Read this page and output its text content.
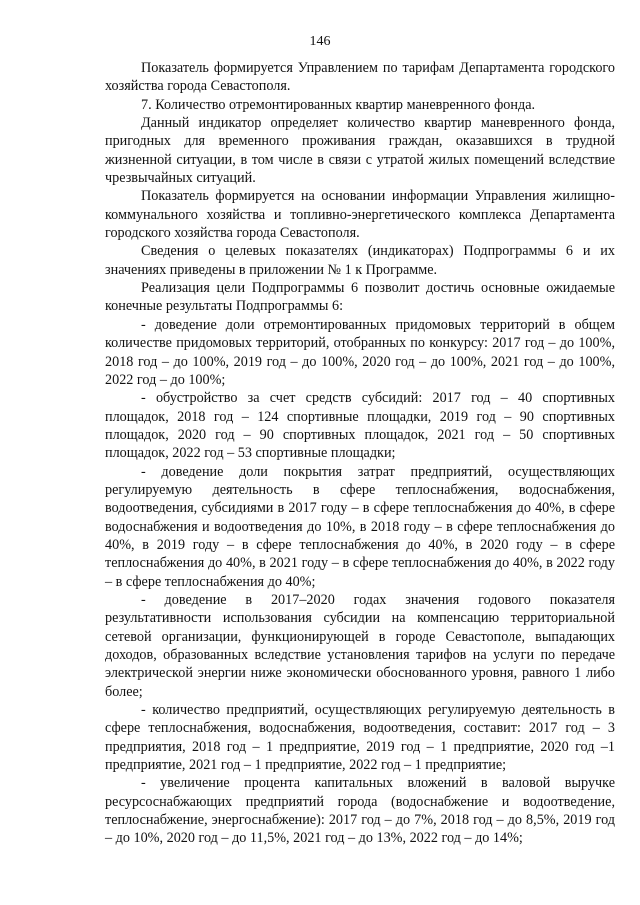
146

Показатель формируется Управлением по тарифам Департамента городского хозяйства города Севастополя.

7. Количество отремонтированных квартир маневренного фонда.

Данный индикатор определяет количество квартир маневренного фонда, пригодных для временного проживания граждан, оказавшихся в трудной жизненной ситуации, в том числе в связи с утратой жилых помещений вследствие чрезвычайных ситуаций.

Показатель формируется на основании информации Управления жилищно-коммунального хозяйства и топливно-энергетического комплекса Департамента городского хозяйства города Севастополя.

Сведения о целевых показателях (индикаторах) Подпрограммы 6 и их значениях приведены в приложении № 1 к Программе.

Реализация цели Подпрограммы 6 позволит достичь основные ожидаемые конечные результаты Подпрограммы 6:

- доведение доли отремонтированных придомовых территорий в общем количестве придомовых территорий, отобранных по конкурсу: 2017 год – до 100%, 2018 год – до 100%, 2019 год – до 100%, 2020 год – до 100%, 2021 год – до 100%, 2022 год – до 100%;

- обустройство за счет средств субсидий: 2017 год – 40 спортивных площадок, 2018 год – 124 спортивные площадки, 2019 год – 90 спортивных площадок, 2020 год – 90 спортивных площадок, 2021 год – 50 спортивных площадок, 2022 год – 53 спортивные площадки;

- доведение доли покрытия затрат предприятий, осуществляющих регулируемую деятельность в сфере теплоснабжения, водоснабжения, водоотведения, субсидиями в 2017 году – в сфере теплоснабжения до 40%, в сфере водоснабжения и водоотведения до 10%, в 2018 году – в сфере теплоснабжения до 40%, в 2019 году – в сфере теплоснабжения до 40%, в 2020 году – в сфере теплоснабжения до 40%, в 2021 году – в сфере теплоснабжения до 40%, в 2022 году – в сфере теплоснабжения до 40%;

- доведение в 2017–2020 годах значения годового показателя результативности использования субсидии на компенсацию территориальной сетевой организации, функционирующей в городе Севастополе, выпадающих доходов, образованных вследствие установления тарифов на услуги по передаче электрической энергии ниже экономически обоснованного уровня, равного 1 либо более;

- количество предприятий, осуществляющих регулируемую деятельность в сфере теплоснабжения, водоснабжения, водоотведения, составит: 2017 год – 3 предприятия, 2018 год – 1 предприятие, 2019 год – 1 предприятие, 2020 год –1 предприятие, 2021 год – 1 предприятие, 2022 год – 1 предприятие;

- увеличение процента капитальных вложений в валовой выручке ресурсоснабжающих предприятий города (водоснабжение и водоотведение, теплоснабжение, энергоснабжение): 2017 год – до 7%, 2018 год – до 8,5%, 2019 год – до 10%, 2020 год – до 11,5%, 2021 год – до 13%, 2022 год – до 14%;
